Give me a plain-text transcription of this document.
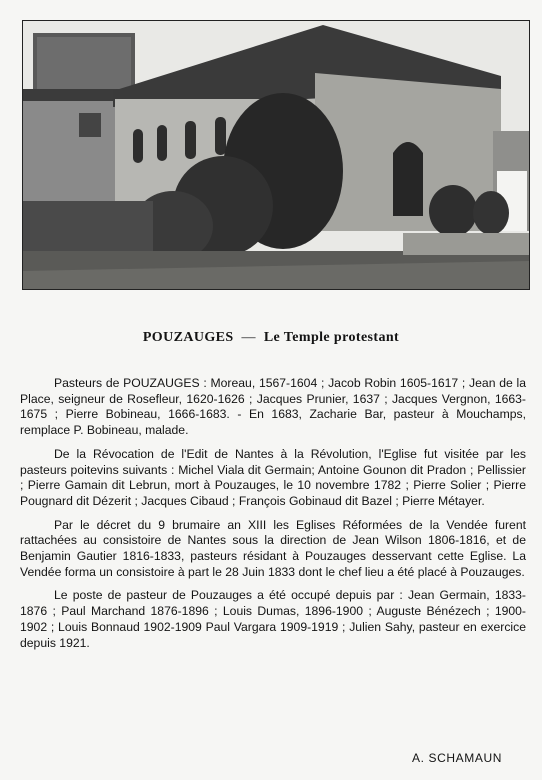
POUZAUGES — Le Temple protestant

Pasteurs de POUZAUGES : Moreau, 1567-1604 ; Jacob Robin 1605-1617 ; Jean de la Place, seigneur de Rosefleur, 1620-1626 ; Jacques Prunier, 1637 ; Jacques Vergnon, 1663-1675 ; Pierre Bobineau, 1666-1683. - En 1683, Zacharie Bar, pasteur à Mouchamps, remplace P. Bobineau, malade.

De la Révocation de l'Edit de Nantes à la Révolution, l'Eglise fut visitée par les pasteurs poitevins suivants : Michel Viala dit Germain; Antoine Gounon dit Pradon ; Pellissier ; Pierre Gamain dit Lebrun, mort à Pouzauges, le 10 novembre 1782 ; Pierre Solier ; Pierre Pougnard dit Dézerit ; Jacques Cibaud ; François Gobinaud dit Bazel ; Pierre Métayer.

Par le décret du 9 brumaire an XIII les Eglises Réformées de la Vendée furent rattachées au consistoire de Nantes sous la direction de Jean Wilson 1806-1816, et de Benjamin Gautier 1816-1833, pasteurs résidant à Pouzauges desservant cette Eglise. La Vendée forma un consistoire à part le 28 Juin 1833 dont le chef lieu a été placé à Pouzauges.

Le poste de pasteur de Pouzauges a été occupé depuis par : Jean Germain, 1833-1876 ; Paul Marchand 1876-1896 ; Louis Dumas, 1896-1900 ; Auguste Bénézech ; 1900-1902 ; Louis Bonnaud 1902-1909 Paul Vargara 1909-1919 ; Julien Sahy, pasteur en exercice depuis 1921.

A. SCHAMAUN
